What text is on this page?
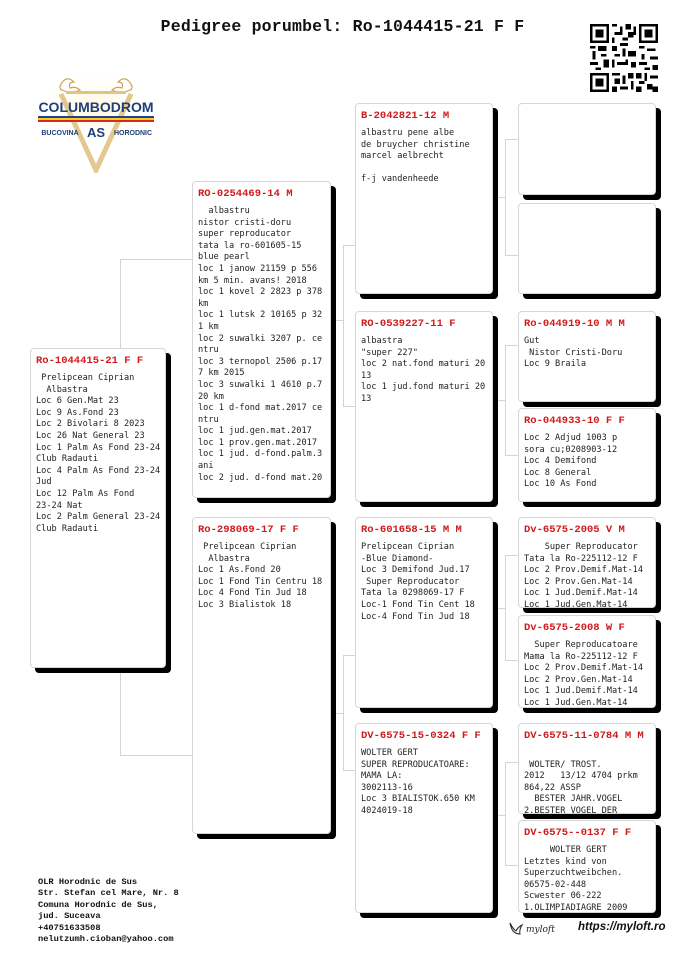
Pedigree porumbel: Ro-1044415-21 F F
COLUMBODROM
BUCOVINA AS HORODNIC
Ro-1044415-21 F F
Prelipcean Ciprian
Albastra
Loc 6 Gen.Mat 23
Loc 9 As.Fond 23
Loc 2 Bivolari 8 2023
Loc 26 Nat General 23
Loc 1 Palm As Fond 23-24
Club Radauti
Loc 4 Palm As Fond 23-24
Jud
Loc 12 Palm As Fond
23-24 Nat
Loc 2 Palm General 23-24
Club Radauti
RO-0254469-14 M
albastru
nistor cristi-doru
super reproducator
tata la ro-601605-15
blue pearl
loc 1 janow 21159 p 556
km 5 min. avans! 2018
loc 1 kovel 2 2823 p 378
km
loc 1 lutsk 2 10165 p 32
1 km
loc 2 suwalki 3207 p. ce
ntru
loc 3 ternopol 2506 p.17
7 km 2015
loc 3 suwalki 1 4610 p.7
20 km
loc 1 d-fond mat.2017 ce
ntru
loc 1 jud.gen.mat.2017
loc 1 prov.gen.mat.2017
loc 1 jud. d-fond.palm.3
ani
loc 2 jud. d-fond mat.20
Ro-298069-17 F F
Prelipcean Ciprian
Albastra
Loc 1 As.Fond 20
Loc 1 Fond Tin Centru 18
Loc 4 Fond Tin Jud 18
Loc 3 Bialistok 18
B-2042821-12 M
albastru pene albe
de bruycher christine
marcel aelbrecht

f-j vandenheede
RO-0539227-11 F
albastra
"super 227"
loc 2 nat.fond maturi 20
13
loc 1 jud.fond maturi 20
13
Ro-601658-15 M M
Prelipcean Ciprian
-Blue Diamond-
Loc 3 Demifond Jud.17
Super Reproducator
Tata la 0298069-17 F
Loc-1 Fond Tin Cent 18
Loc-4 Fond Tin Jud 18
DV-6575-15-0324 F F
WOLTER GERT
SUPER REPRODUCATOARE:
MAMA LA:
3002113-16
Loc 3 BIALISTOK.650 KM
4024019-18
Ro-044919-10 M M
Gut
Nistor Cristi-Doru
Loc 9 Braila
Ro-044933-10 F F
Loc 2 Adjud 1003 p
sora cu;0208903-12
Loc 4 Demifond
Loc 8 General
Loc 10 As Fond
Dv-6575-2005 V M
Super Reproducator
Tata la Ro-225112-12 F
Loc 2 Prov.Demif.Mat-14
Loc 2 Prov.Gen.Mat-14
Loc 1 Jud.Demif.Mat-14
Loc 1 Jud.Gen.Mat-14
Dv-6575-2008 W F
Super Reproducatoare
Mama la Ro-225112-12 F
Loc 2 Prov.Demif.Mat-14
Loc 2 Prov.Gen.Mat-14
Loc 1 Jud.Demif.Mat-14
Loc 1 Jud.Gen.Mat-14
DV-6575-11-0784 M M

WOLTER/ TROST.
2012   13/12 4704 prkm
864,22 ASSP
BESTER JAHR.VOGEL
2.BESTER VOGEL DER
DV-6575--0137 F F
WOLTER GERT
Letztes kind von
Superzuchtweibchen.
06575-02-448
Scwester 06-222
1.OLIMPIADIAGRE 2009
OLR Horodnic de Sus
Str. Stefan cel Mare, Nr. 8
Comuna Horodnic de Sus,
jud. Suceava
+40751633508
nelutzumh.cioban@yahoo.com
myloft https://myloft.ro
